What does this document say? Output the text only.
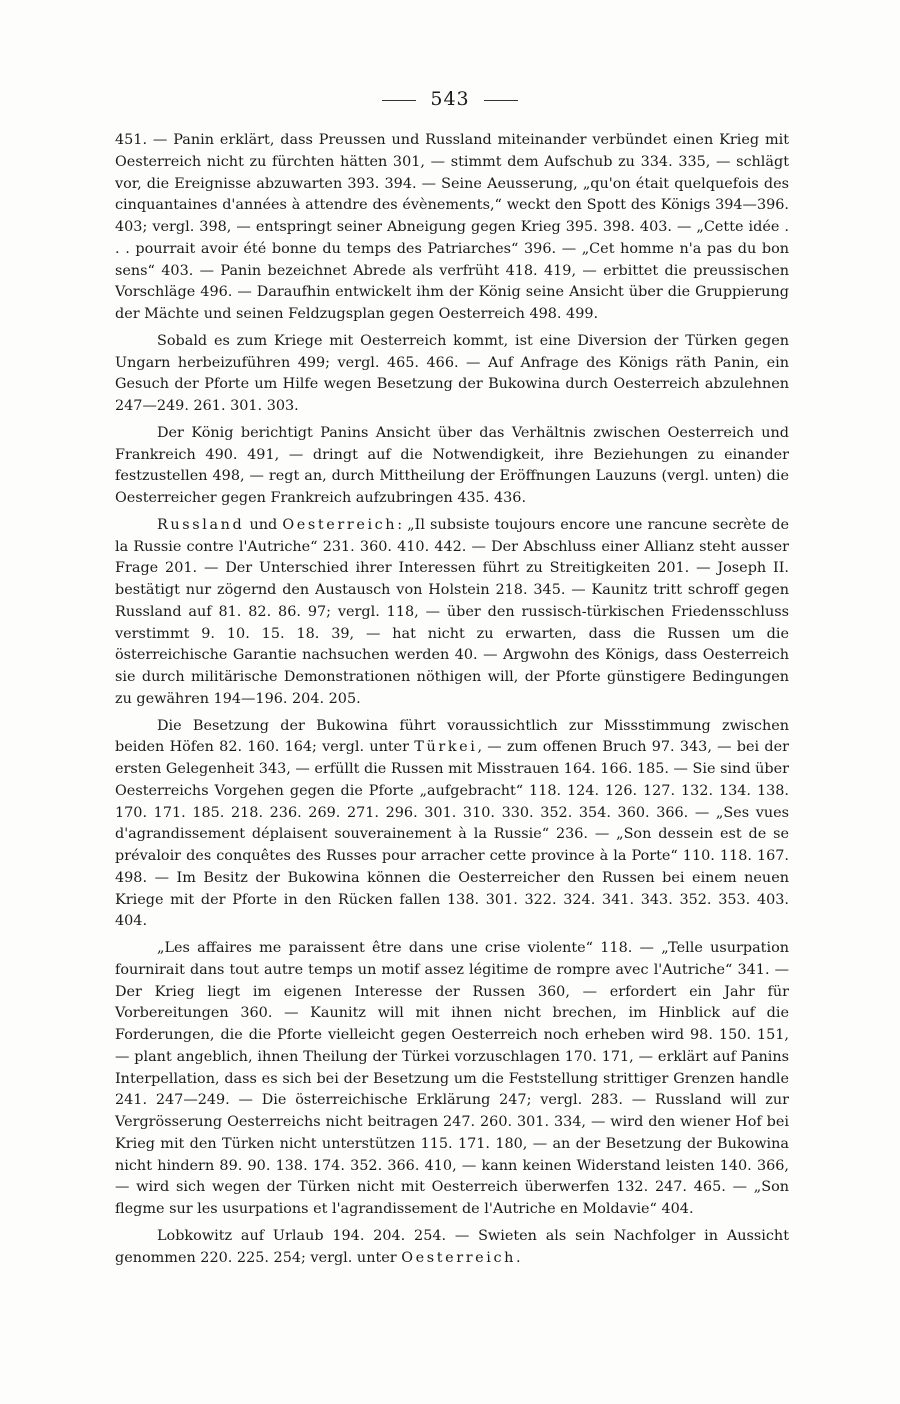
543

451. — Panin erklärt, dass Preussen und Russland miteinander verbündet einen Krieg mit Oesterreich nicht zu fürchten hätten 301, — stimmt dem Aufschub zu 334. 335, — schlägt vor, die Ereignisse abzuwarten 393. 394. — Seine Aeusserung, „qu'on était quelquefois des cinquantaines d'années à attendre des évènements,“ weckt den Spott des Königs 394—396. 403; vergl. 398, — entspringt seiner Abneigung gegen Krieg 395. 398. 403. — „Cette idée . . . pourrait avoir été bonne du temps des Patriarches“ 396. — „Cet homme n'a pas du bon sens“ 403. — Panin bezeichnet Abrede als verfrüht 418. 419, — erbittet die preussischen Vorschläge 496. — Daraufhin entwickelt ihm der König seine Ansicht über die Gruppierung der Mächte und seinen Feldzugsplan gegen Oesterreich 498. 499.

Sobald es zum Kriege mit Oesterreich kommt, ist eine Diversion der Türken gegen Ungarn herbeizuführen 499; vergl. 465. 466. — Auf Anfrage des Königs räth Panin, ein Gesuch der Pforte um Hilfe wegen Besetzung der Bukowina durch Oesterreich abzulehnen 247—249. 261. 301. 303.

Der König berichtigt Panins Ansicht über das Verhältnis zwischen Oesterreich und Frankreich 490. 491, — dringt auf die Notwendigkeit, ihre Beziehungen zu einander festzustellen 498, — regt an, durch Mittheilung der Eröffnungen Lauzuns (vergl. unten) die Oesterreicher gegen Frankreich aufzubringen 435. 436.

Russland und Oesterreich: „Il subsiste toujours encore une rancune secrète de la Russie contre l'Autriche“ 231. 360. 410. 442. — Der Abschluss einer Allianz steht ausser Frage 201. — Der Unterschied ihrer Interessen führt zu Streitigkeiten 201. — Joseph II. bestätigt nur zögernd den Austausch von Holstein 218. 345. — Kaunitz tritt schroff gegen Russland auf 81. 82. 86. 97; vergl. 118, — über den russisch-türkischen Friedensschluss verstimmt 9. 10. 15. 18. 39, — hat nicht zu erwarten, dass die Russen um die österreichische Garantie nachsuchen werden 40. — Argwohn des Königs, dass Oesterreich sie durch militärische Demonstrationen nöthigen will, der Pforte günstigere Bedingungen zu gewähren 194—196. 204. 205.

Die Besetzung der Bukowina führt voraussichtlich zur Missstimmung zwischen beiden Höfen 82. 160. 164; vergl. unter Türkei, — zum offenen Bruch 97. 343, — bei der ersten Gelegenheit 343, — erfüllt die Russen mit Misstrauen 164. 166. 185. — Sie sind über Oesterreichs Vorgehen gegen die Pforte „aufgebracht“ 118. 124. 126. 127. 132. 134. 138. 170. 171. 185. 218. 236. 269. 271. 296. 301. 310. 330. 352. 354. 360. 366. — „Ses vues d'agrandissement déplaisent souverainement à la Russie“ 236. — „Son dessein est de se prévaloir des conquêtes des Russes pour arracher cette province à la Porte“ 110. 118. 167. 498. — Im Besitz der Bukowina können die Oesterreicher den Russen bei einem neuen Kriege mit der Pforte in den Rücken fallen 138. 301. 322. 324. 341. 343. 352. 353. 403. 404.

„Les affaires me paraissent être dans une crise violente“ 118. — „Telle usurpation fournirait dans tout autre temps un motif assez légitime de rompre avec l'Autriche“ 341. — Der Krieg liegt im eigenen Interesse der Russen 360, — erfordert ein Jahr für Vorbereitungen 360. — Kaunitz will mit ihnen nicht brechen, im Hinblick auf die Forderungen, die die Pforte vielleicht gegen Oesterreich noch erheben wird 98. 150. 151, — plant angeblich, ihnen Theilung der Türkei vorzuschlagen 170. 171, — erklärt auf Panins Interpellation, dass es sich bei der Besetzung um die Feststellung strittiger Grenzen handle 241. 247—249. — Die österreichische Erklärung 247; vergl. 283. — Russland will zur Vergrösserung Oesterreichs nicht beitragen 247. 260. 301. 334, — wird den wiener Hof bei Krieg mit den Türken nicht unterstützen 115. 171. 180, — an der Besetzung der Bukowina nicht hindern 89. 90. 138. 174. 352. 366. 410, — kann keinen Widerstand leisten 140. 366, — wird sich wegen der Türken nicht mit Oesterreich überwerfen 132. 247. 465. — „Son flegme sur les usurpations et l'agrandissement de l'Autriche en Moldavie“ 404.

Lobkowitz auf Urlaub 194. 204. 254. — Swieten als sein Nachfolger in Aussicht genommen 220. 225. 254; vergl. unter Oesterreich.
